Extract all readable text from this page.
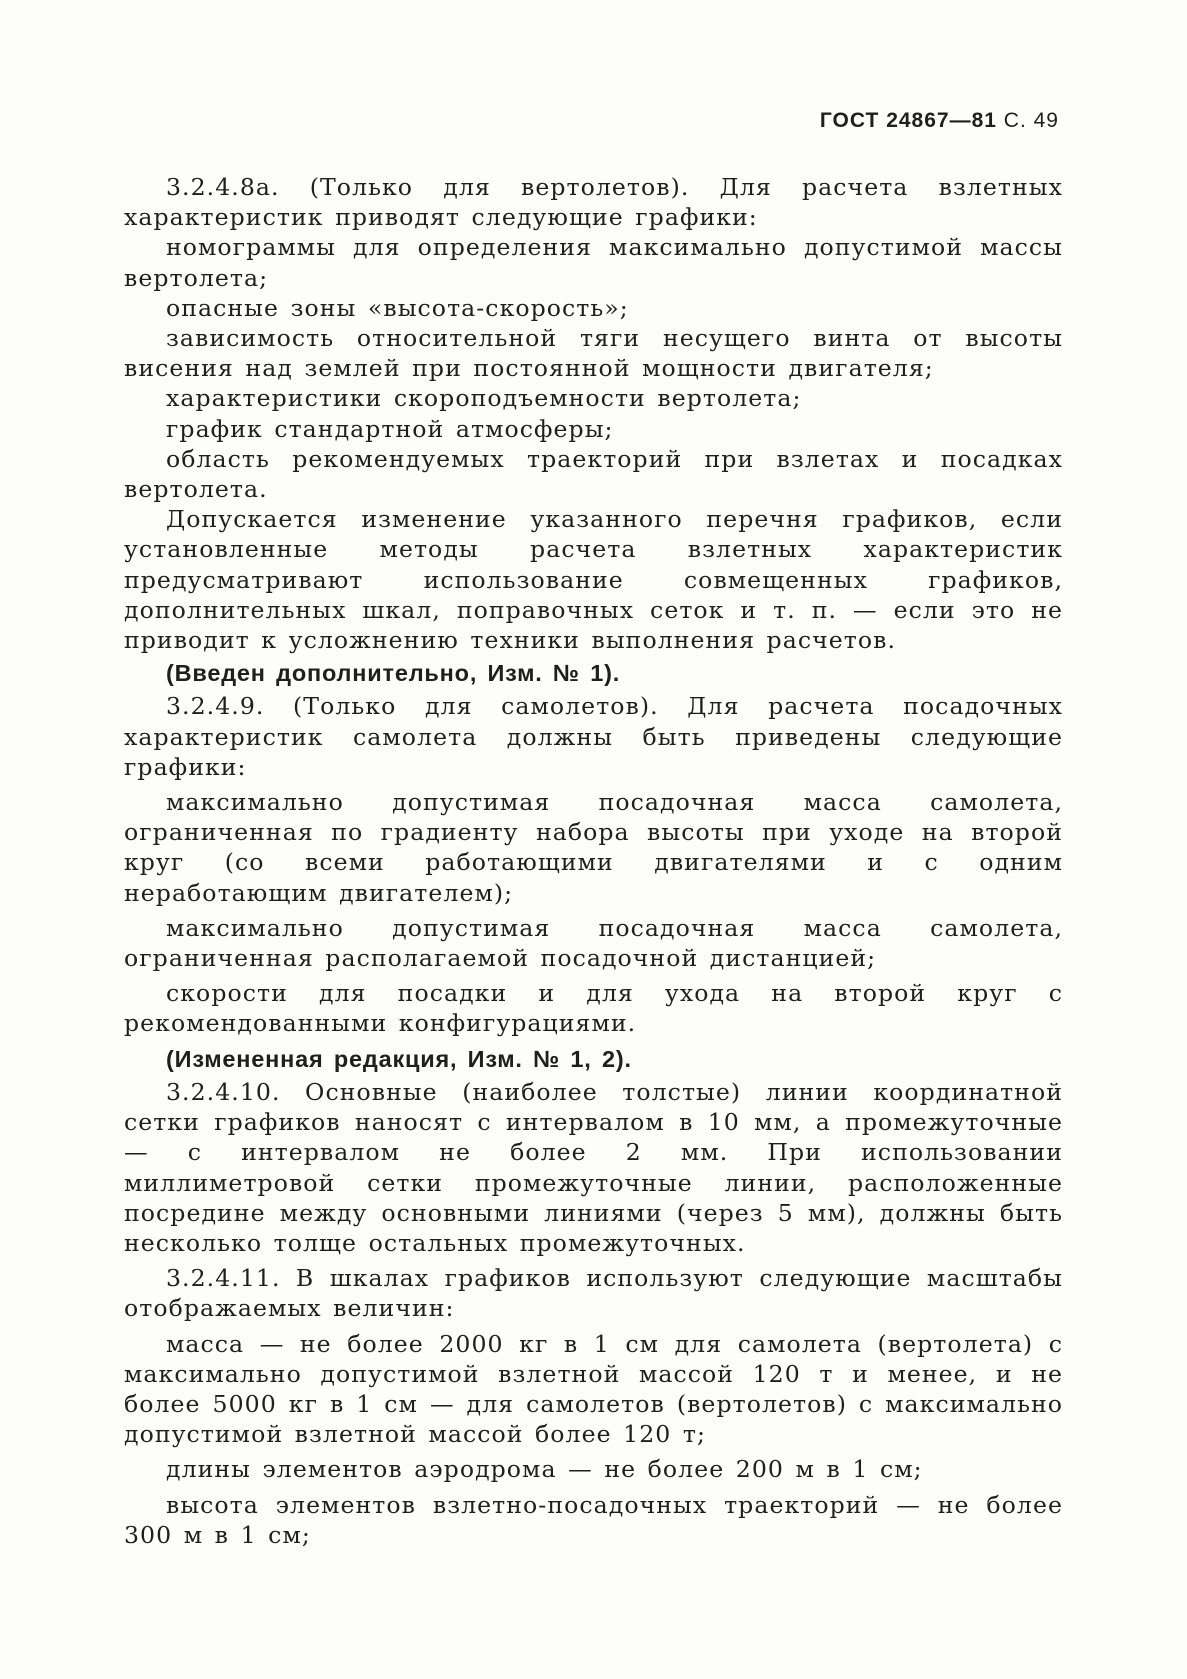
ГОСТ 24867—81 С. 49

3.2.4.8а. (Только для вертолетов). Для расчета взлетных характеристик приводят следующие графики:

номограммы для определения максимально допустимой массы вертолета;

опасные зоны «высота-скорость»;

зависимость относительной тяги несущего винта от высоты висения над землей при постоянной мощности двигателя;

характеристики скороподъемности вертолета;

график стандартной атмосферы;

область рекомендуемых траекторий при взлетах и посадках вертолета.

Допускается изменение указанного перечня графиков, если установленные методы расчета взлетных характеристик предусматривают использование совмещенных графиков, дополнительных шкал, поправочных сеток и т. п. — если это не приводит к усложнению техники выполнения расчетов.

(Введен дополнительно, Изм. № 1).

3.2.4.9. (Только для самолетов). Для расчета посадочных характеристик самолета должны быть приведены следующие графики:

максимально допустимая посадочная масса самолета, ограниченная по градиенту набора высоты при уходе на второй круг (со всеми работающими двигателями и с одним неработающим двигателем);

максимально допустимая посадочная масса самолета, ограниченная располагаемой посадочной дистанцией;

скорости для посадки и для ухода на второй круг с рекомендованными конфигурациями.

(Измененная редакция, Изм. № 1, 2).

3.2.4.10. Основные (наиболее толстые) линии координатной сетки графиков наносят с интервалом в 10 мм, а промежуточные — с интервалом не более 2 мм. При использовании миллиметровой сетки промежуточные линии, расположенные посредине между основными линиями (через 5 мм), должны быть несколько толще остальных промежуточных.

3.2.4.11. В шкалах графиков используют следующие масштабы отображаемых величин:

масса — не более 2000 кг в 1 см для самолета (вертолета) с максимально допустимой взлетной массой 120 т и менее, и не более 5000 кг в 1 см — для самолетов (вертолетов) с максимально допустимой взлетной массой более 120 т;

длины элементов аэродрома — не более 200 м в 1 см;

высота элементов взлетно-посадочных траекторий — не более 300 м в 1 см;
